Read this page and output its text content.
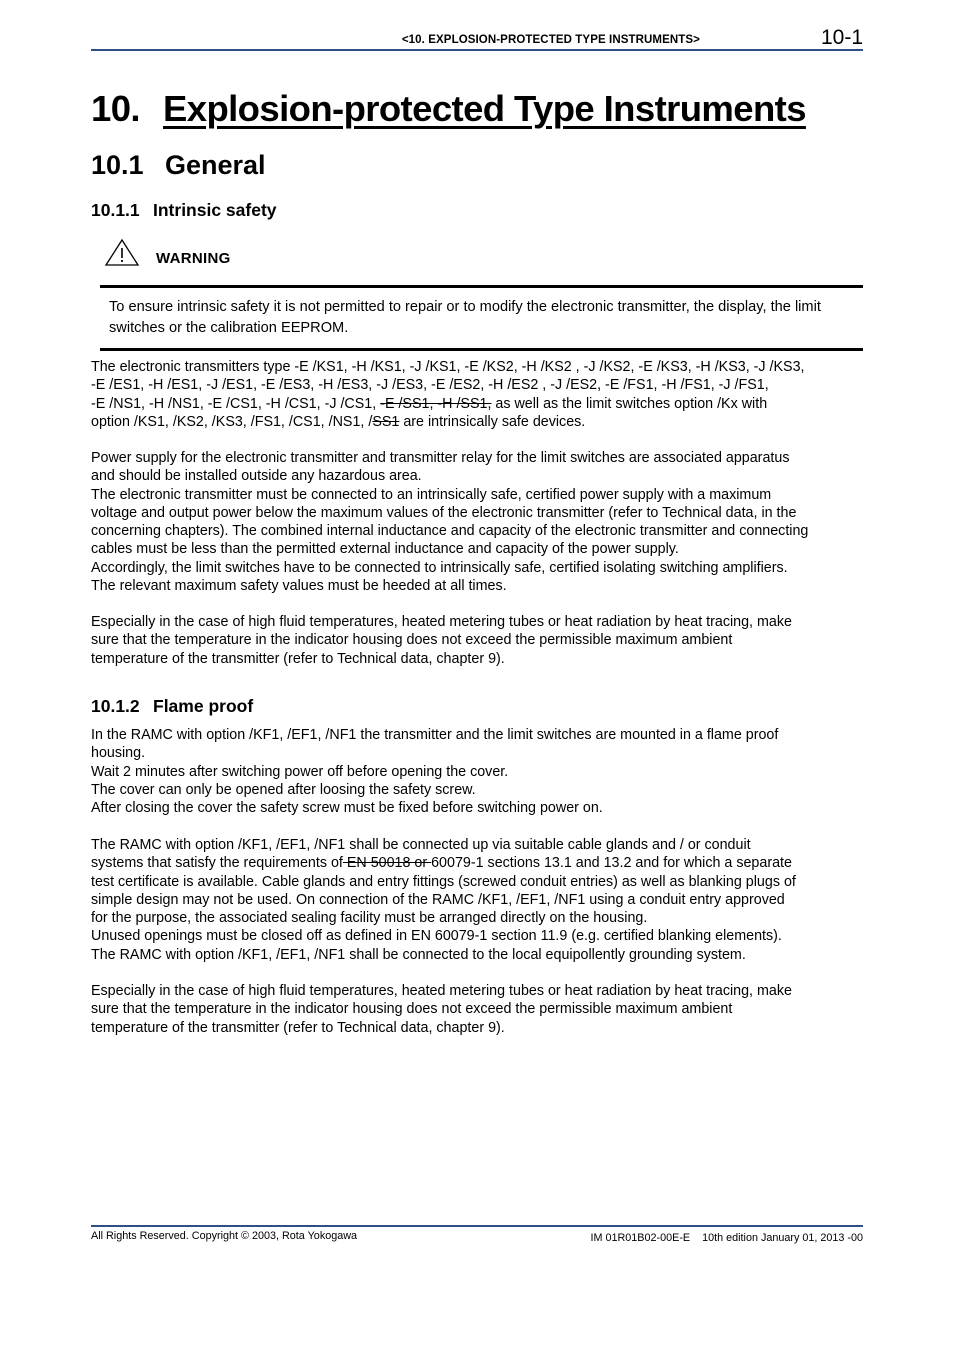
<10. EXPLOSION-PROTECTED TYPE INSTRUMENTS>	10-1
10. Explosion-protected Type Instruments
10.1 General
10.1.1 Intrinsic safety
WARNING
To ensure intrinsic safety it is not permitted to repair or to modify the electronic transmitter, the display, the limit switches or the calibration EEPROM.
The electronic transmitters type -E /KS1, -H /KS1, -J /KS1, -E /KS2, -H /KS2 , -J /KS2, -E /KS3, -H /KS3, -J /KS3,
-E /ES1, -H /ES1, -J /ES1, -E /ES3, -H /ES3, -J /ES3, -E /ES2, -H /ES2 , -J /ES2, -E /FS1, -H /FS1, -J /FS1,
-E /NS1, -H /NS1, -E /CS1, -H /CS1, -J /CS1, -E /SS1, -H /SS1, as well as the limit switches option /Kx with
option /KS1, /KS2, /KS3, /FS1, /CS1, /NS1, /SS1 are intrinsically safe devices.
Power supply for the electronic transmitter and transmitter relay for the limit switches are associated apparatus
and should be installed outside any hazardous area.
The electronic transmitter must be connected to an intrinsically safe, certified power supply with a maximum
voltage and output power below the maximum values of the electronic transmitter (refer to Technical data, in the
concerning chapters). The combined internal inductance and capacity of the electronic transmitter and connecting
cables must be less than the permitted external inductance and capacity of the power supply.
Accordingly, the limit switches have to be connected to intrinsically safe, certified isolating switching amplifiers.
The relevant maximum safety values must be heeded at all times.
Especially in the case of high fluid temperatures, heated metering tubes or heat radiation by heat tracing, make
sure that the temperature in the indicator housing does not exceed the permissible maximum ambient
temperature of the transmitter (refer to Technical data, chapter 9).
10.1.2 Flame proof
In the RAMC with option /KF1, /EF1, /NF1 the transmitter and the limit switches are mounted in a flame proof
housing.
Wait 2 minutes after switching power off before opening the cover.
The cover can only be opened after loosing the safety screw.
After closing the cover the safety screw must be fixed before switching power on.
The RAMC with option /KF1, /EF1, /NF1 shall be connected up via suitable cable glands and / or conduit
systems that satisfy the requirements of EN 50018 or 60079-1 sections 13.1 and 13.2 and for which a separate
test certificate is available. Cable glands and entry fittings (screwed conduit entries) as well as blanking plugs of
simple design may not be used. On connection of the RAMC /KF1, /EF1, /NF1 using a conduit entry approved
for the purpose, the associated sealing facility must be arranged directly on the housing.
Unused openings must be closed off as defined in EN 60079-1 section 11.9 (e.g. certified blanking elements).
The RAMC with option /KF1, /EF1, /NF1 shall be connected to the local equipollently grounding system.
Especially in the case of high fluid temperatures, heated metering tubes or heat radiation by heat tracing, make
sure that the temperature in the indicator housing does not exceed the permissible maximum ambient
temperature of the transmitter (refer to Technical data, chapter 9).
All Rights Reserved. Copyright © 2003, Rota Yokogawa	IM 01R01B02-00E-E 10th edition January 01, 2013 -00
